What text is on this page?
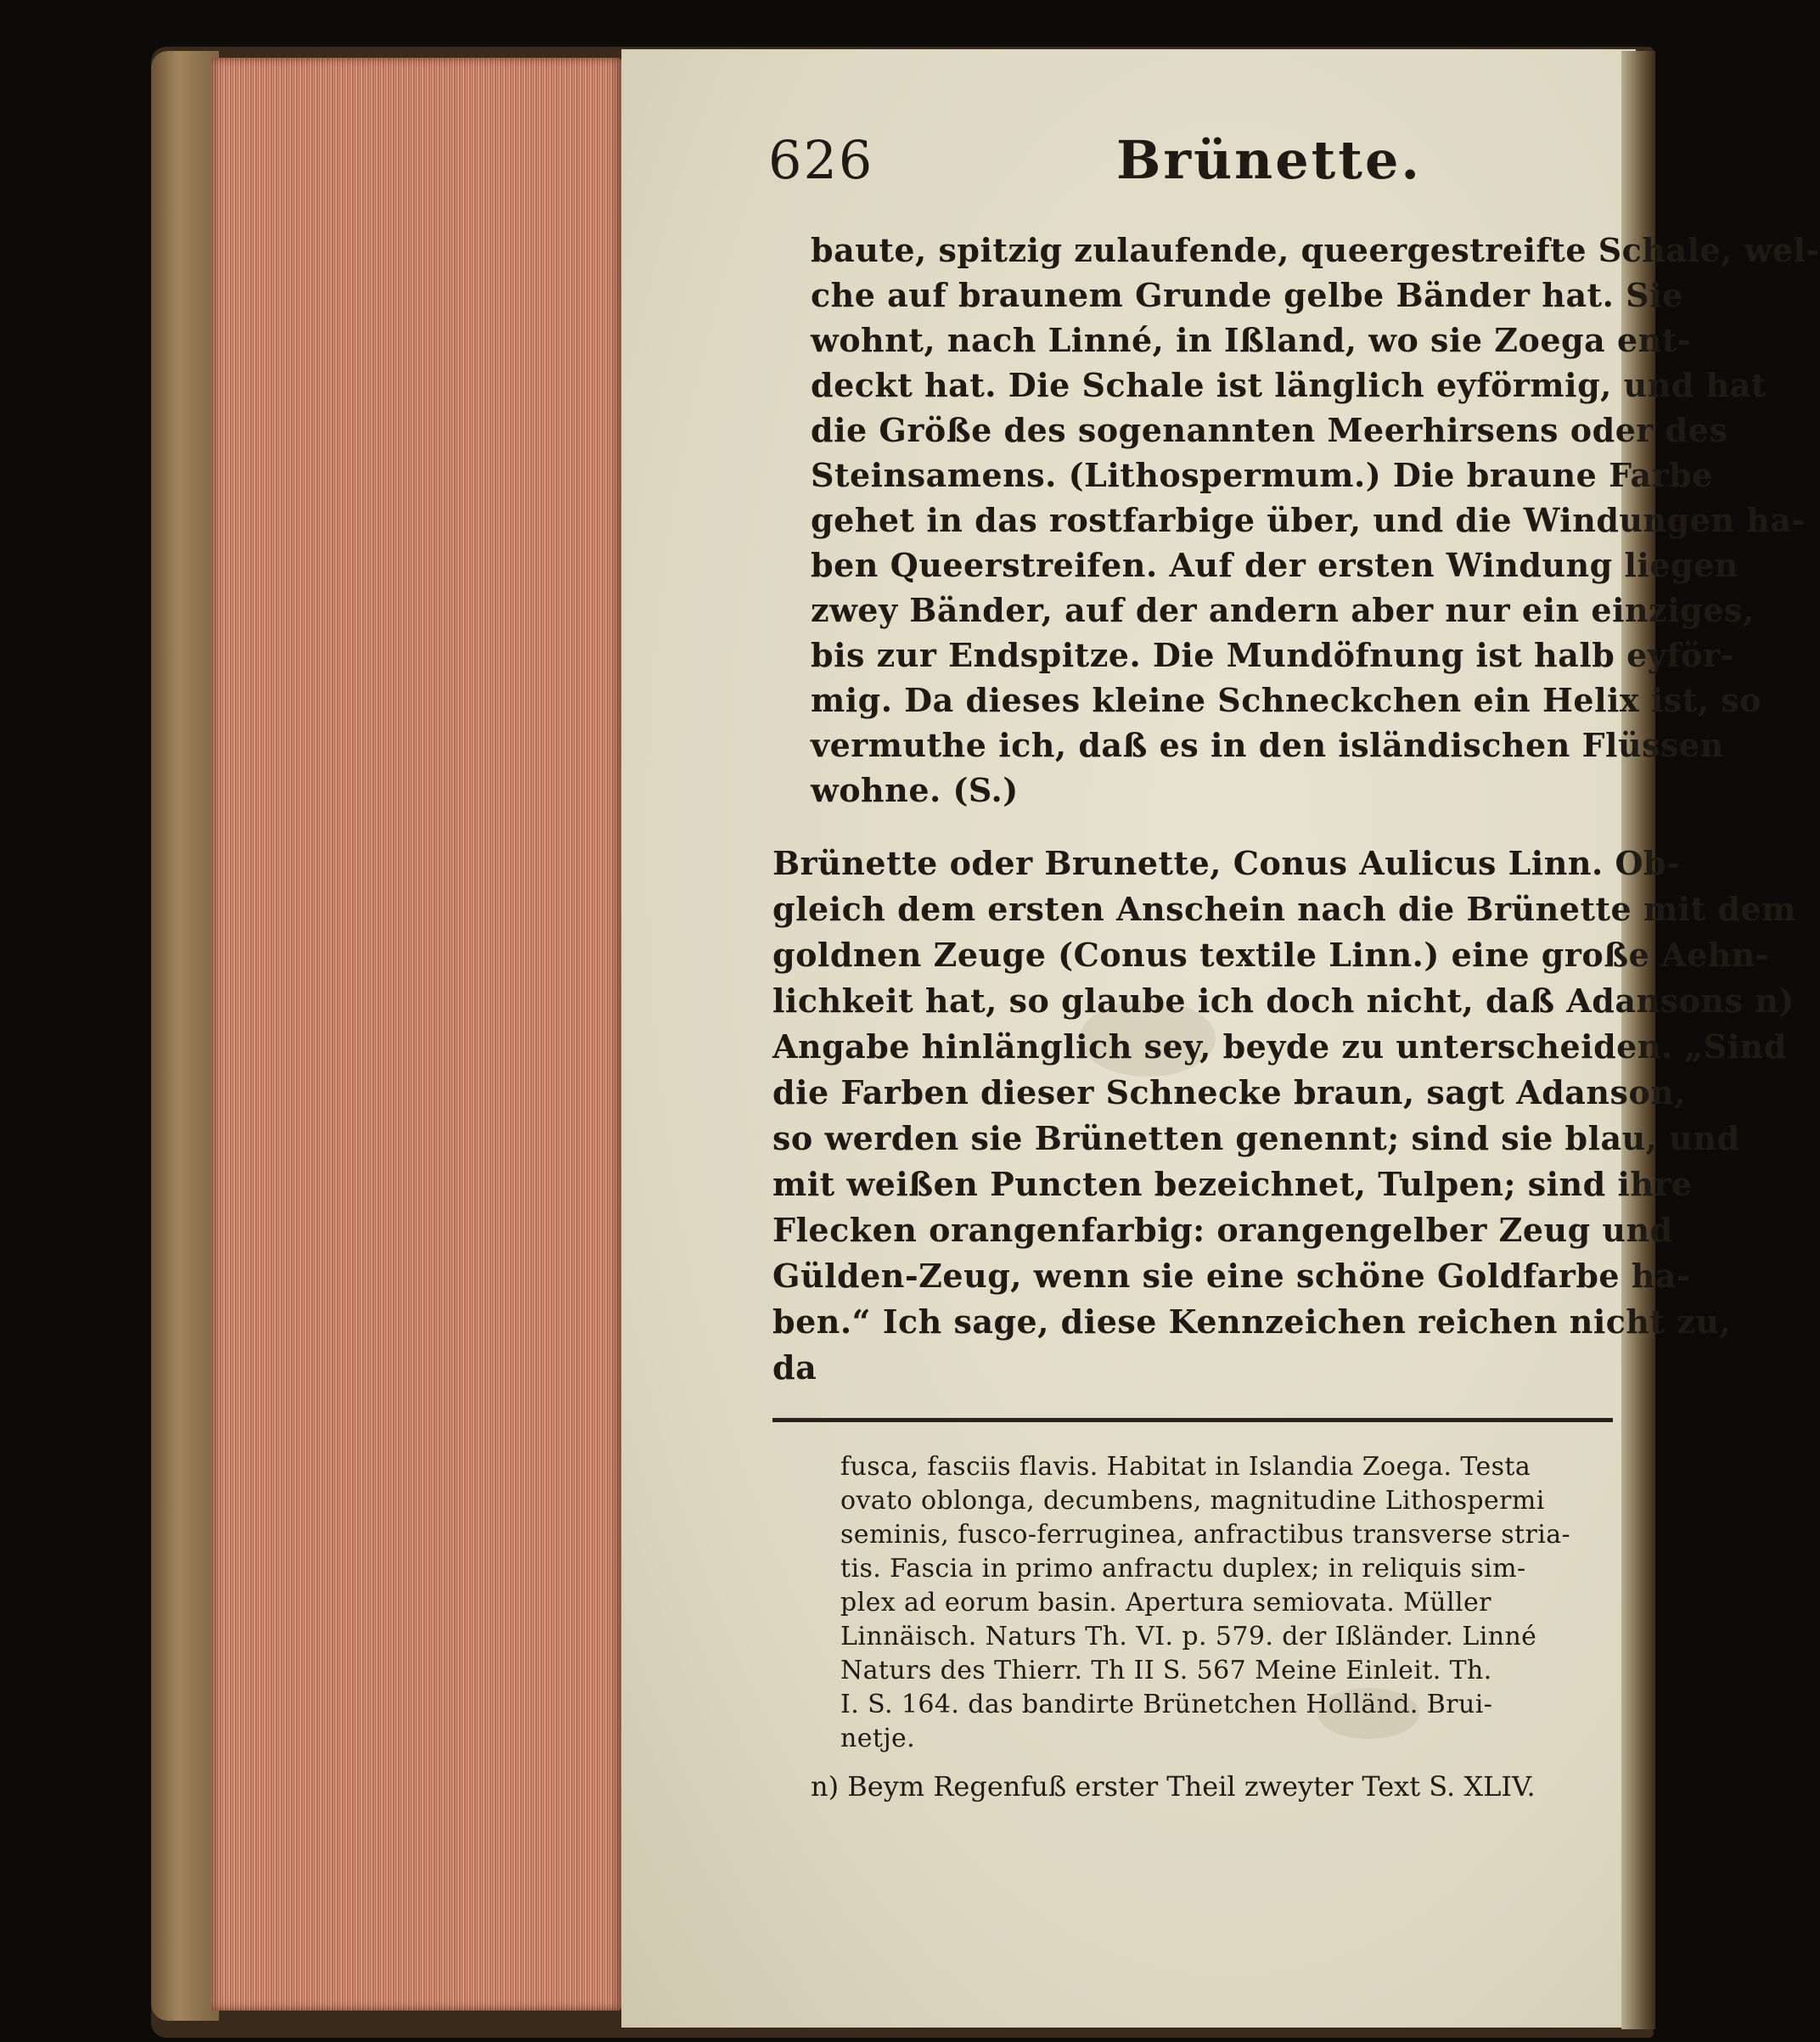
626	Brünette.
baute, spitzig zulaufende, queergestreifte Schale, wel-
che auf braunem Grunde gelbe Bänder hat. Sie
wohnt, nach Linné, in Ißland, wo sie Zoega ent-
deckt hat. Die Schale ist länglich eyförmig, und hat
die Größe des sogenannten Meerhirsens oder des
Steinsamens. (Lithospermum.) Die braune Farbe
gehet in das rostfarbige über, und die Windungen ha-
ben Queerstreifen. Auf der ersten Windung liegen
zwey Bänder, auf der andern aber nur ein einziges,
bis zur Endspitze. Die Mundöfnung ist halb eyför-
mig. Da dieses kleine Schneckchen ein Helix ist, so
vermuthe ich, daß es in den isländischen Flüssen
wohne. (S.)
Brünette oder Brunette, Conus Aulicus Linn. Ob-
gleich dem ersten Anschein nach die Brünette mit dem
goldnen Zeuge (Conus textile Linn.) eine große Aehn-
lichkeit hat, so glaube ich doch nicht, daß Adansons n)
Angabe hinlänglich sey, beyde zu unterscheiden. „Sind
die Farben dieser Schnecke braun, sagt Adanson,
so werden sie Brünetten genennt; sind sie blau, und
mit weißen Puncten bezeichnet, Tulpen; sind ihre
Flecken orangenfarbig: orangengelber Zeug und
Gülden-Zeug, wenn sie eine schöne Goldfarbe ha-
ben.“ Ich sage, diese Kennzeichen reichen nicht zu,
da
fusca, fasciis flavis. Habitat in Islandia Zoega. Testa
ovato oblonga, decumbens, magnitudine Lithospermi
seminis, fusco-ferruginea, anfractibus transverse stria-
tis. Fascia in primo anfractu duplex; in reliquis sim-
plex ad eorum basin. Apertura semiovata. Müller
Linnäisch. Naturs Th. VI. p. 579. der Ißländer. Linné
Naturs des Thierr. Th II S. 567 Meine Einleit. Th.
I. S. 164. das bandirte Brünetchen Holländ. Brui-
netje.
n) Beym Regenfuß erster Theil zweyter Text S. XLIV.
